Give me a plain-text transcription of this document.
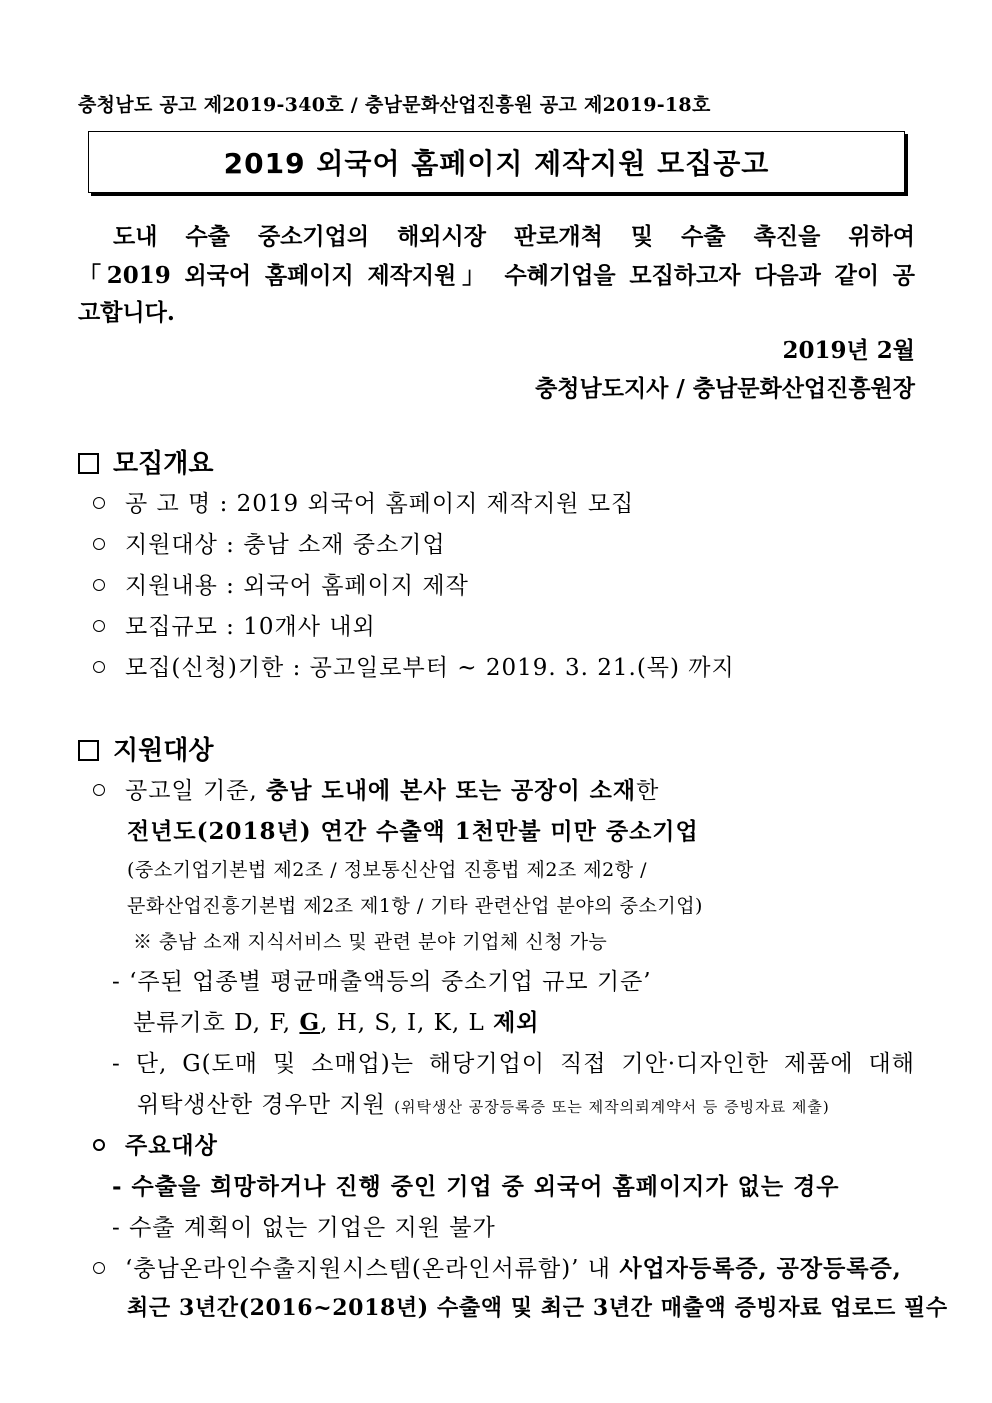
충청남도 공고 제2019-340호 / 충남문화산업진흥원 공고 제2019-18호
2019 외국어 홈페이지 제작지원 모집공고
도내 수출 중소기업의 해외시장 판로개척 및 수출 촉진을 위하여
「2019 외국어 홈페이지 제작지원」 수혜기업을 모집하고자 다음과 같이 공
고합니다.
2019년 2월
충청남도지사 / 충남문화산업진흥원장
모집개요
공 고 명 : 2019 외국어 홈페이지 제작지원 모집
지원대상 : 충남 소재 중소기업
지원내용 : 외국어 홈페이지 제작
모집규모 : 10개사 내외
모집(신청)기한 : 공고일로부터 ~ 2019. 3. 21.(목) 까지
지원대상
공고일 기준, 충남 도내에 본사 또는 공장이 소재한
전년도(2018년) 연간 수출액 1천만불 미만 중소기업
(중소기업기본법 제2조 / 정보통신산업 진흥법 제2조 제2항 /
문화산업진흥기본법 제2조 제1항 / 기타 관련산업 분야의 중소기업)
※ 충남 소재 지식서비스 및 관련 분야 기업체 신청 가능
- ‘주된 업종별 평균매출액등의 중소기업 규모 기준’
분류기호 D, F, G, H, S, I, K, L 제외
- 단, G(도매 및 소매업)는 해당기업이 직접 기안·디자인한 제품에 대해
위탁생산한 경우만 지원 (위탁생산 공장등록증 또는 제작의뢰계약서 등 증빙자료 제출)
주요대상
- 수출을 희망하거나 진행 중인 기업 중 외국어 홈페이지가 없는 경우
- 수출 계획이 없는 기업은 지원 불가
‘충남온라인수출지원시스템(온라인서류함)’ 내 사업자등록증, 공장등록증,
최근 3년간(2016~2018년) 수출액 및 최근 3년간 매출액 증빙자료 업로드 필수
